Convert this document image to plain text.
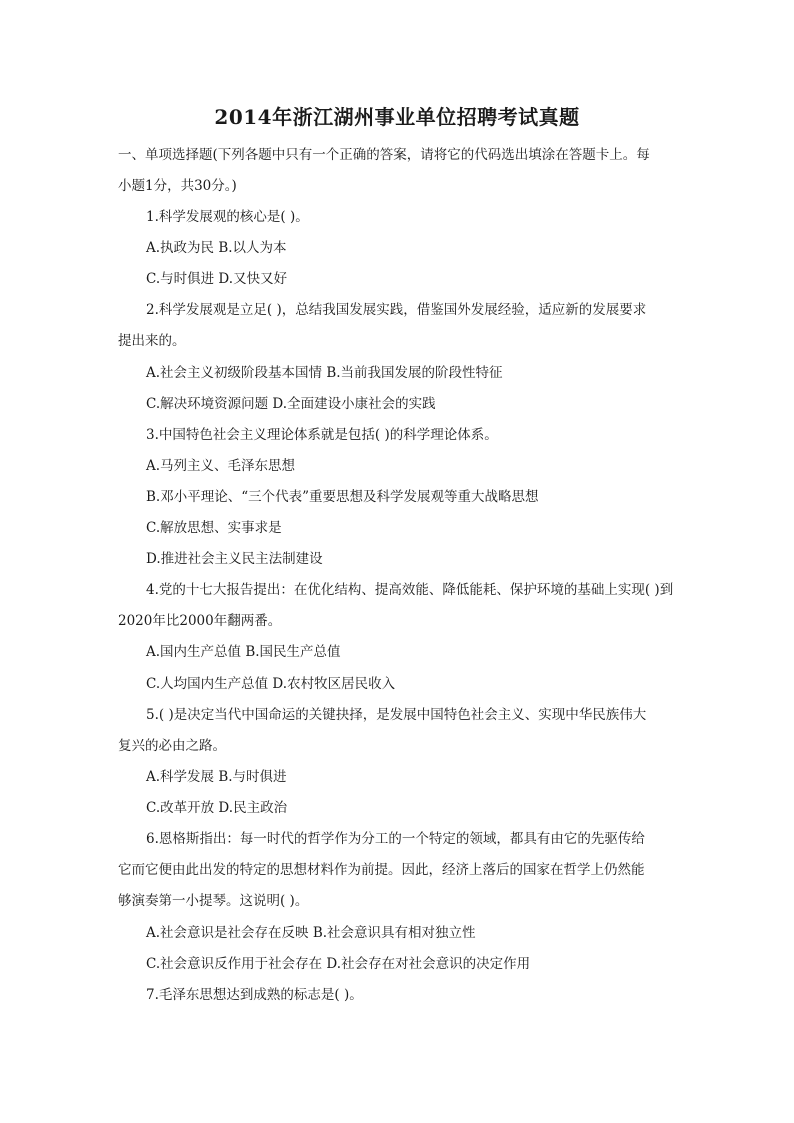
2014年浙江湖州事业单位招聘考试真题
一、单项选择题(下列各题中只有一个正确的答案，请将它的代码选出填涂在答题卡上。每
小题1分，共30分。)
1.科学发展观的核心是( )。
A.执政为民 B.以人为本
C.与时俱进 D.又快又好
2.科学发展观是立足( )，总结我国发展实践，借鉴国外发展经验，适应新的发展要求
提出来的。
A.社会主义初级阶段基本国情 B.当前我国发展的阶段性特征
C.解决环境资源问题 D.全面建设小康社会的实践
3.中国特色社会主义理论体系就是包括( )的科学理论体系。
A.马列主义、毛泽东思想
B.邓小平理论、“三个代表”重要思想及科学发展观等重大战略思想
C.解放思想、实事求是
D.推进社会主义民主法制建设
4.党的十七大报告提出：在优化结构、提高效能、降低能耗、保护环境的基础上实现( )到
2020年比2000年翻两番。
A.国内生产总值 B.国民生产总值
C.人均国内生产总值 D.农村牧区居民收入
5.( )是决定当代中国命运的关键抉择，是发展中国特色社会主义、实现中华民族伟大
复兴的必由之路。
A.科学发展 B.与时俱进
C.改革开放 D.民主政治
6.恩格斯指出：每一时代的哲学作为分工的一个特定的领域，都具有由它的先驱传给
它而它便由此出发的特定的思想材料作为前提。因此，经济上落后的国家在哲学上仍然能
够演奏第一小提琴。这说明( )。
A.社会意识是社会存在反映 B.社会意识具有相对独立性
C.社会意识反作用于社会存在 D.社会存在对社会意识的决定作用
7.毛泽东思想达到成熟的标志是( )。
